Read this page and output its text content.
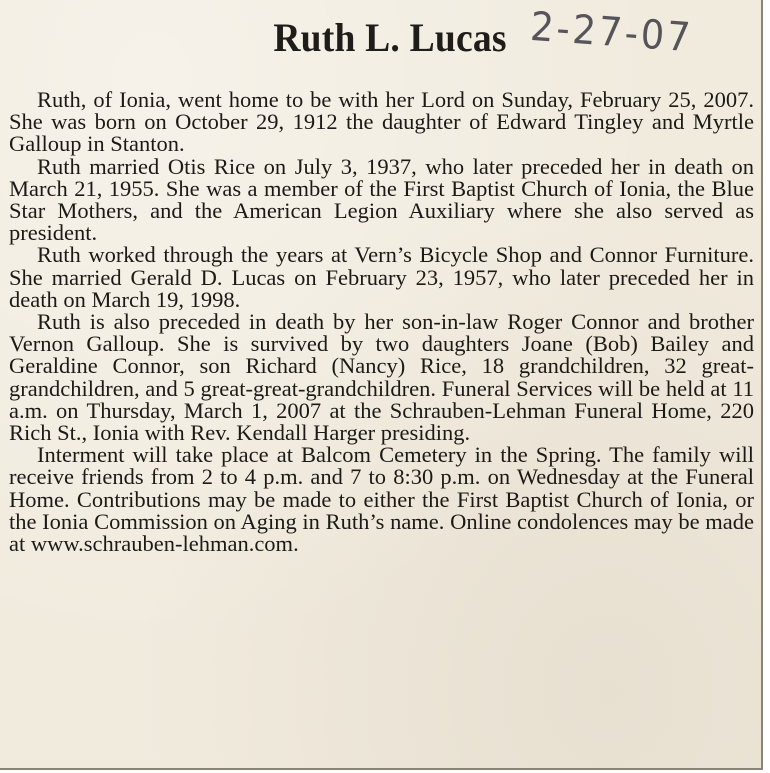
Ruth L. Lucas 2-27-07

Ruth, of Ionia, went home to be with her Lord on Sunday, February 25, 2007. She was born on October 29, 1912 the daughter of Edward Tingley and Myrtle Galloup in Stanton.

Ruth married Otis Rice on July 3, 1937, who later preceded her in death on March 21, 1955. She was a member of the First Baptist Church of Ionia, the Blue Star Mothers, and the American Legion Auxiliary where she also served as president.

Ruth worked through the years at Vern’s Bicycle Shop and Connor Furniture. She married Gerald D. Lucas on February 23, 1957, who later preceded her in death on March 19, 1998.

Ruth is also preceded in death by her son-in-law Roger Connor and brother Vernon Galloup. She is survived by two daughters Joane (Bob) Bailey and Geraldine Connor, son Richard (Nancy) Rice, 18 grandchildren, 32 great-grandchildren, and 5 great-great-grandchildren. Funeral Services will be held at 11 a.m. on Thursday, March 1, 2007 at the Schrauben-Lehman Funeral Home, 220 Rich St., Ionia with Rev. Kendall Harger presiding.

Interment will take place at Balcom Cemetery in the Spring. The family will receive friends from 2 to 4 p.m. and 7 to 8:30 p.m. on Wednesday at the Funeral Home. Contributions may be made to either the First Baptist Church of Ionia, or the Ionia Commission on Aging in Ruth’s name. Online condolences may be made at www.schrauben-lehman.com.
